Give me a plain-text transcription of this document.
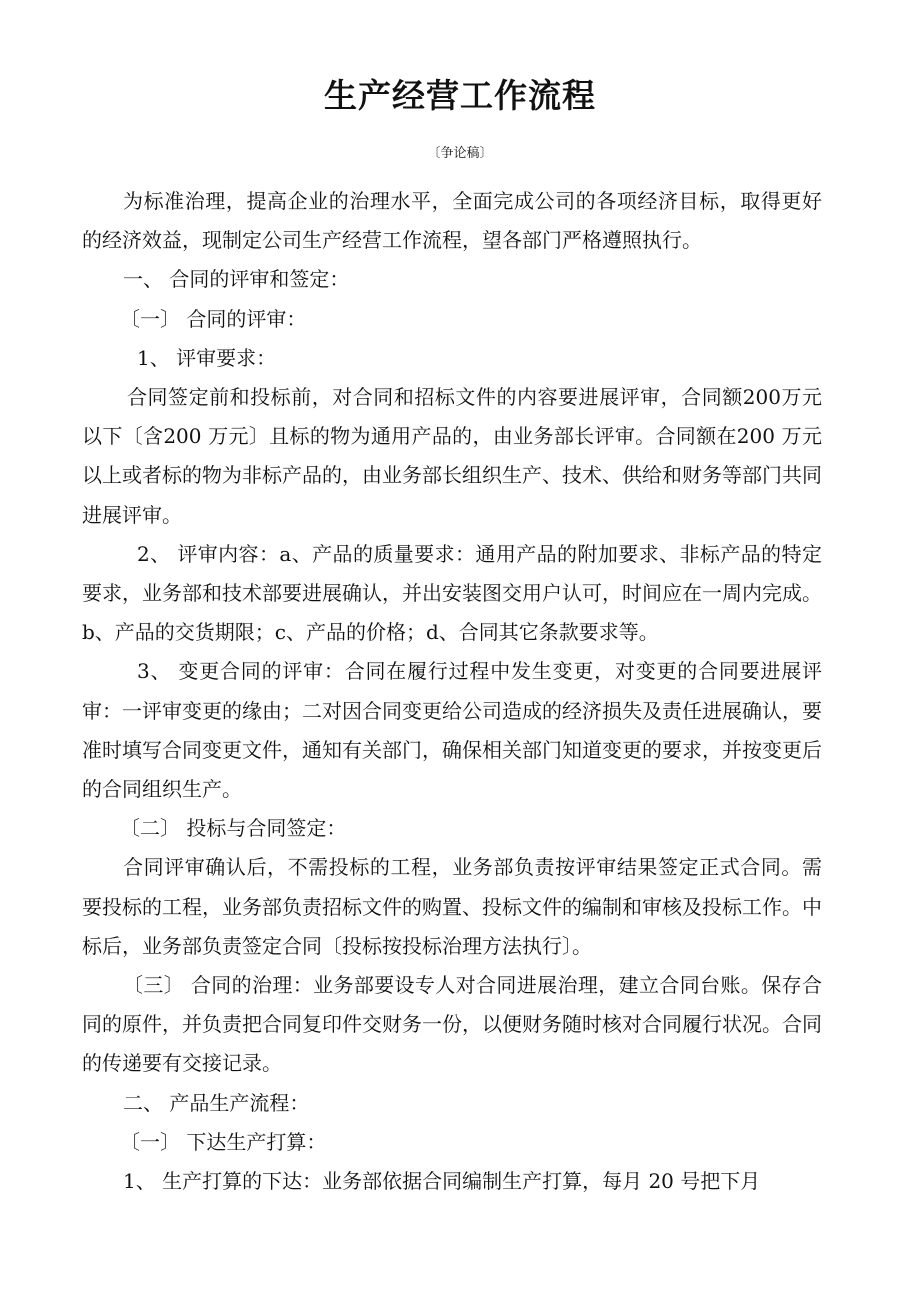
生产经营工作流程
〔争论稿〕

为标准治理，提高企业的治理水平，全面完成公司的各项经济目标，取得更好的经济效益，现制定公司生产经营工作流程，望各部门严格遵照执行。

一、 合同的评审和签定：

〔一〕 合同的评审：

1、 评审要求：

合同签定前和投标前，对合同和招标文件的内容要进展评审，合同额200万元以下〔含200 万元〕且标的物为通用产品的，由业务部长评审。合同额在200 万元以上或者标的物为非标产品的，由业务部长组织生产、技术、供给和财务等部门共同进展评审。

2、 评审内容：a、产品的质量要求：通用产品的附加要求、非标产品的特定要求，业务部和技术部要进展确认，并出安装图交用户认可，时间应在一周内完成。b、产品的交货期限；c、产品的价格；d、合同其它条款要求等。

3、 变更合同的评审：合同在履行过程中发生变更，对变更的合同要进展评审：一评审变更的缘由；二对因合同变更给公司造成的经济损失及责任进展确认，要准时填写合同变更文件，通知有关部门，确保相关部门知道变更的要求，并按变更后的合同组织生产。

〔二〕 投标与合同签定：

合同评审确认后，不需投标的工程，业务部负责按评审结果签定正式合同。需要投标的工程，业务部负责招标文件的购置、投标文件的编制和审核及投标工作。中标后，业务部负责签定合同〔投标按投标治理方法执行〕。

〔三〕 合同的治理：业务部要设专人对合同进展治理，建立合同台账。保存合同的原件，并负责把合同复印件交财务一份，以便财务随时核对合同履行状况。合同的传递要有交接记录。

二、 产品生产流程：

〔一〕 下达生产打算：

1、 生产打算的下达：业务部依据合同编制生产打算，每月 20 号把下月
